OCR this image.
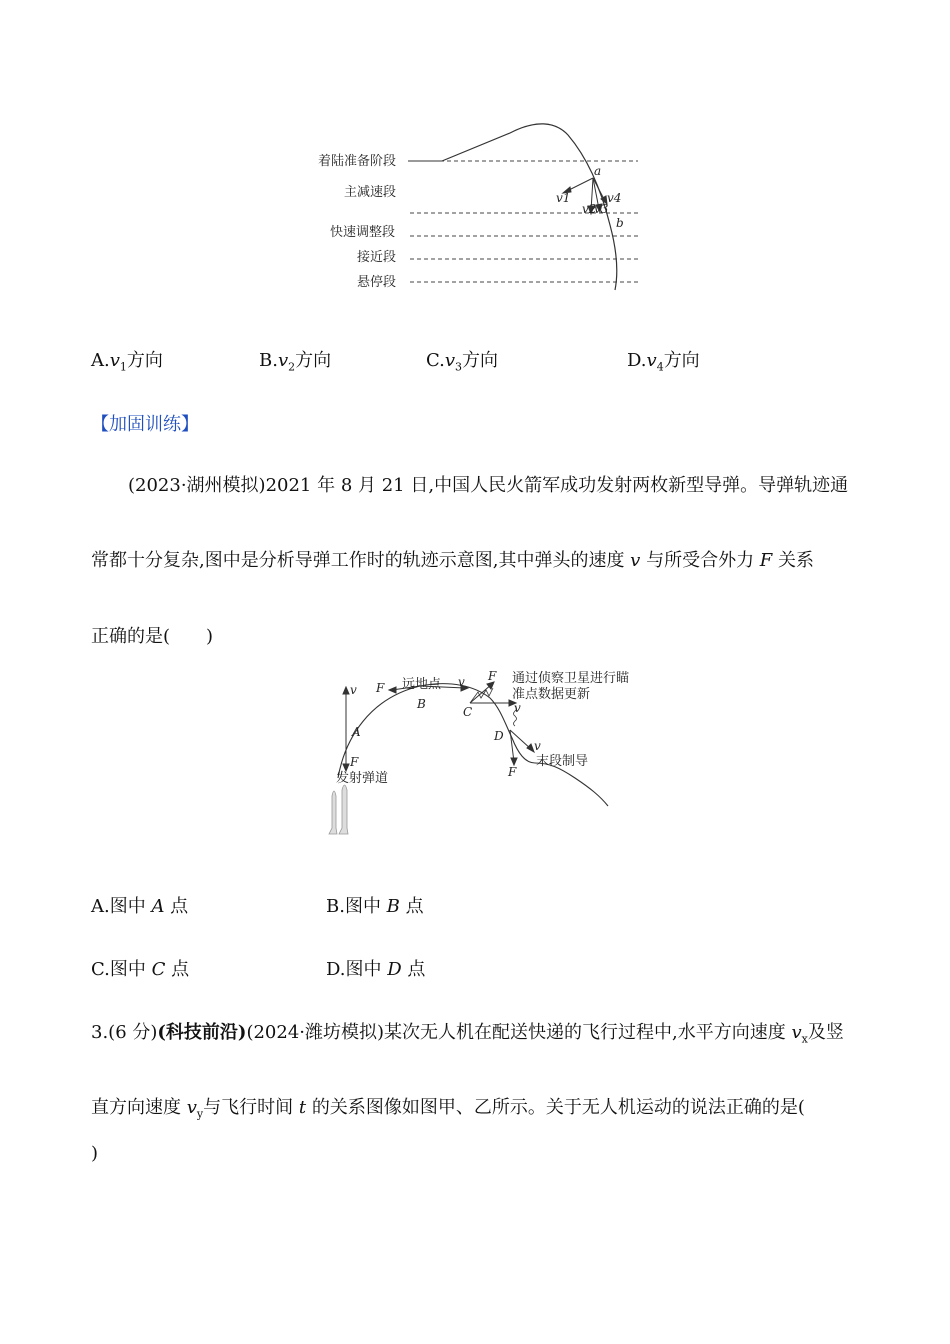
着陆准备阶段
主减速段
快速调整段
接近段
悬停段
a
b
v1
v2
v3
v4
$A.v_1$方向	$B.v_2$方向	$C.v_3$方向	$D.v_4$方向
【加固训练】
(2023·湖州模拟)2021 年 8 月 21 日,中国人民火箭军成功发射两枚新型导弹。导弹轨迹通
常都十分复杂,图中是分析导弹工作时的轨迹示意图,其中弹头的速度 v 与所受合外力 F 关系
正确的是(　　)
远地点	通过侦察卫星进行瞄
准点数据更新
末段制导
发射弹道
A
B
C
D
v
F
F	v F
v
v
F
A.图中 A 点	B.图中 B 点
C.图中 C 点	D.图中 D 点
3.(6 分)(科技前沿)(2024·潍坊模拟)某次无人机在配送快递的飞行过程中,水平方向速度 $v_x$及竖
直方向速度 $v_y$与飞行时间 t 的关系图像如图甲、乙所示。关于无人机运动的说法正确的是(
)
